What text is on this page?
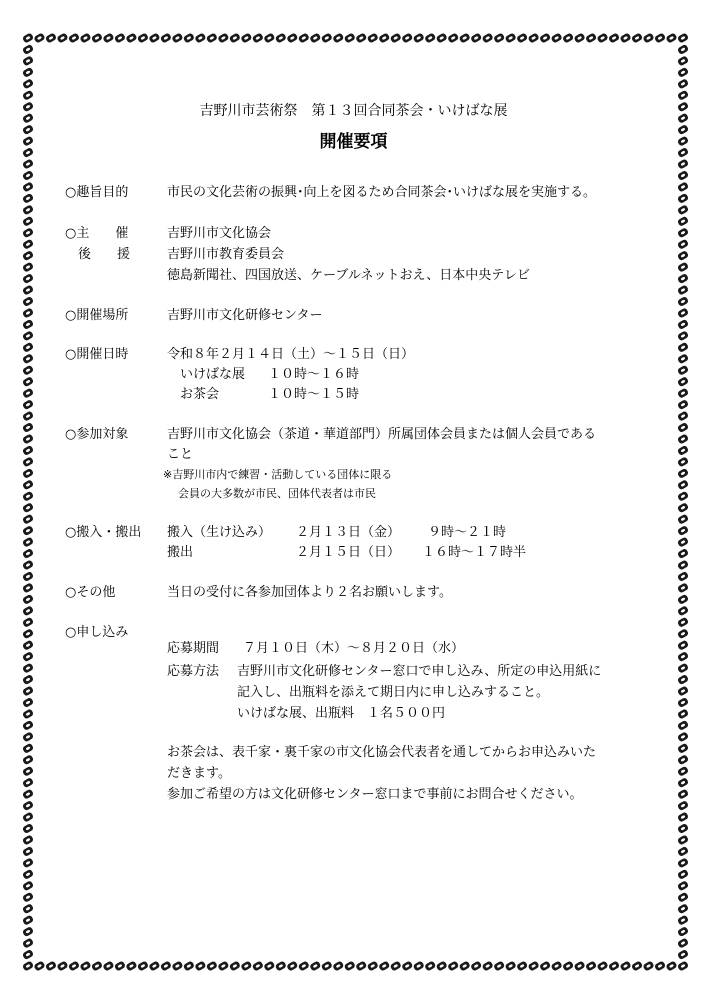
吉野川市芸術祭　第１３回合同茶会・いけばな展
開催要項
○趣旨目的	市民の文化芸術の振興･向上を図るため合同茶会･いけばな展を実施する。
○主　　催	吉野川市文化協会
後　　援	吉野川市教育委員会
徳島新聞社、四国放送、ケーブルネットおえ、日本中央テレビ
○開催場所	吉野川市文化研修センター
○開催日時	令和８年２月１４日（土）～１５日（日）
いけばな展 １０時～１６時
お茶会	１０時～１５時
○参加対象	吉野川市文化協会（茶道・華道部門）所属団体会員または個人会員である
こと
※吉野川市内で練習・活動している団体に限る
会員の大多数が市民、団体代表者は市民
○搬入・搬出 搬入（生け込み） ２月１３日（金） ９時～２１時
搬出	２月１５日（日） １６時～１７時半
○その他	当日の受付に各参加団体より２名お願いします。
○申し込み
応募期間 ７月１０日（木）～８月２０日（水）
応募方法 吉野川市文化研修センター窓口で申し込み、所定の申込用紙に
記入し、出瓶料を添えて期日内に申し込みすること。
いけばな展、出瓶料　１名５００円
お茶会は、表千家・裏千家の市文化協会代表者を通してからお申込みいた
だきます。
参加ご希望の方は文化研修センター窓口まで事前にお問合せください。
